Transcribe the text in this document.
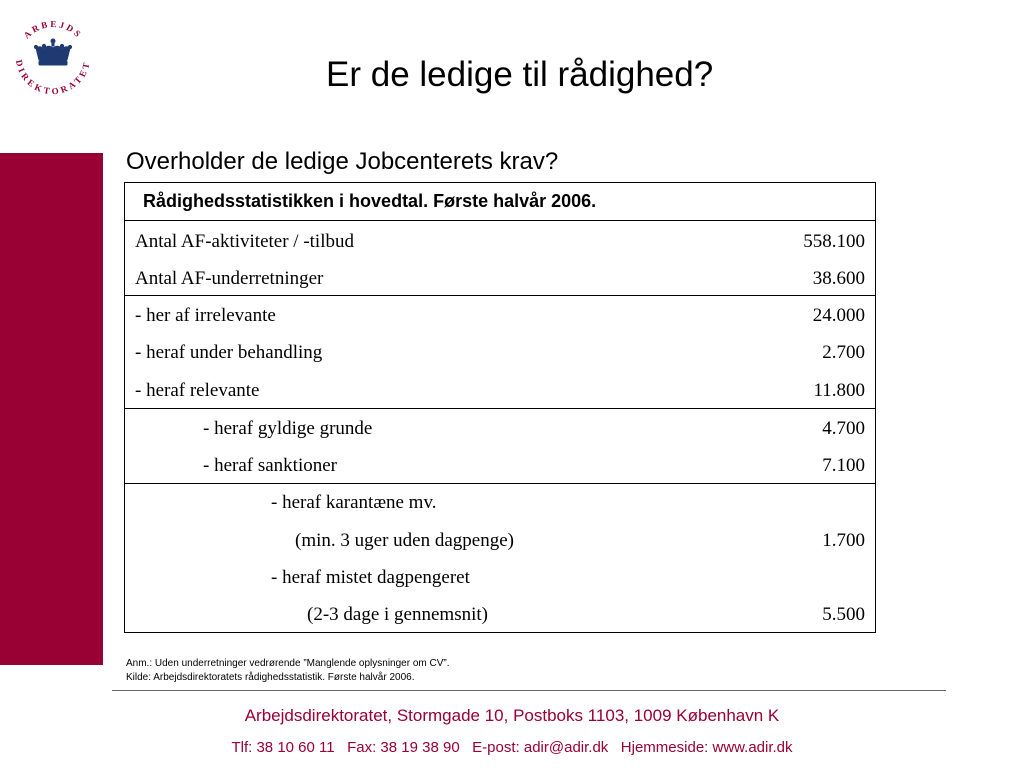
ARBEJDS
DIREKTORATET	Er de ledige til rådighed?
Overholder de ledige Jobcenterets krav?
Rådighedsstatistikken i hovedtal. Første halvår 2006.
Antal AF-aktiviteter / -tilbud	558.100
Antal AF-underretninger	38.600
- her af irrelevante	24.000
- heraf under behandling	2.700
- heraf relevante	11.800
- heraf gyldige grunde	4.700
- heraf sanktioner	7.100
- heraf karantæne mv.
(min. 3 uger uden dagpenge)	1.700
- heraf mistet dagpengeret
(2-3 dage i gennemsnit)	5.500
Anm.: Uden underretninger vedrørende ”Manglende oplysninger om CV”.
Kilde: Arbejdsdirektoratets rådighedsstatistik. Første halvår 2006.
Arbejdsdirektoratet, Stormgade 10, Postboks 1103, 1009 København K
Tlf: 38 10 60 11   Fax: 38 19 38 90   E-post: adir@adir.dk   Hjemmeside: www.adir.dk
